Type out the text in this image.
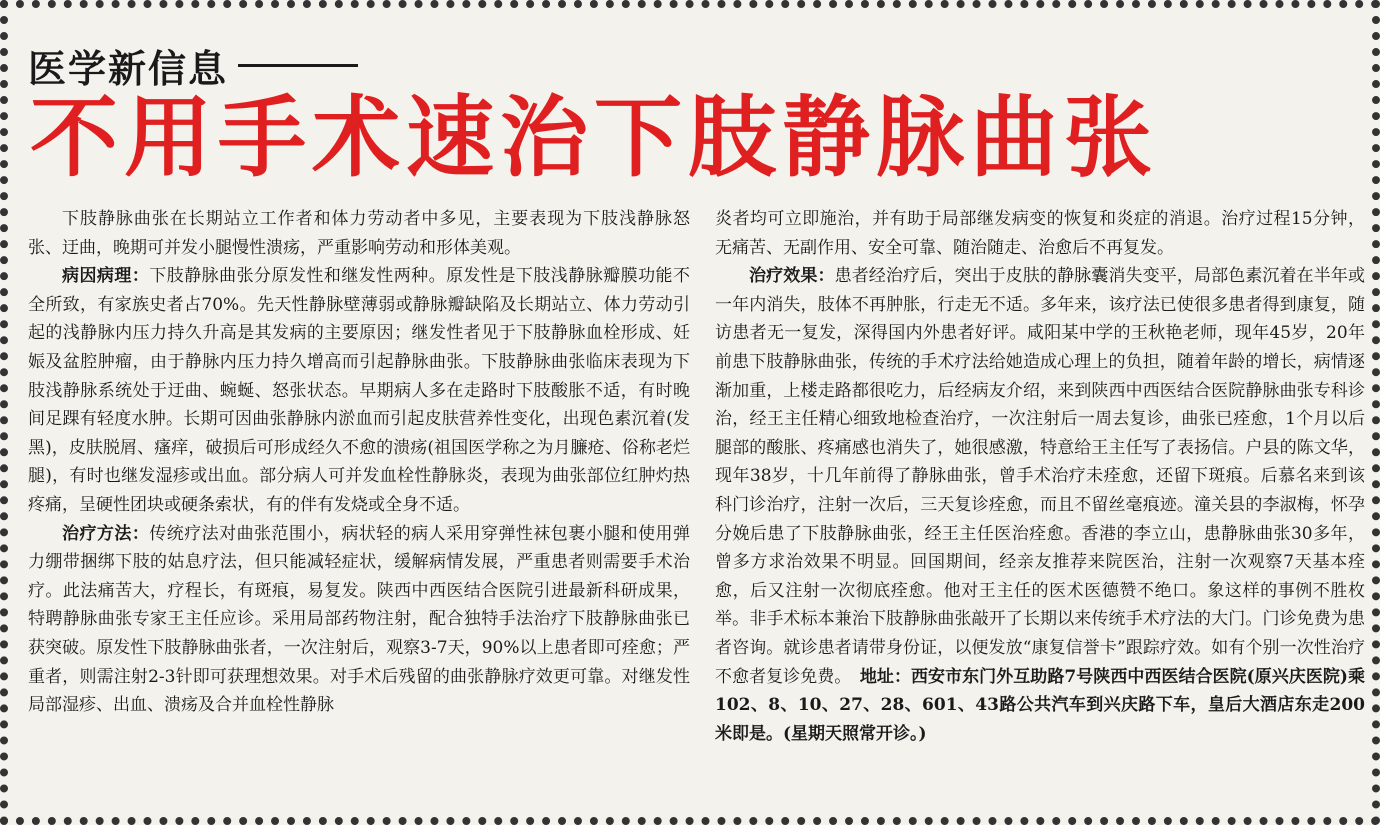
医学新信息
不用手术速治下肢静脉曲张

下肢静脉曲张在长期站立工作者和体力劳动者中多见，主要表现为下肢浅静脉怒张、迂曲，晚期可并发小腿慢性溃疡，严重影响劳动和形体美观。

病因病理：下肢静脉曲张分原发性和继发性两种。原发性是下肢浅静脉瓣膜功能不全所致，有家族史者占70%。先天性静脉壁薄弱或静脉瓣缺陷及长期站立、体力劳动引起的浅静脉内压力持久升高是其发病的主要原因；继发性者见于下肢静脉血栓形成、妊娠及盆腔肿瘤，由于静脉内压力持久增高而引起静脉曲张。下肢静脉曲张临床表现为下肢浅静脉系统处于迂曲、蜿蜒、怒张状态。早期病人多在走路时下肢酸胀不适，有时晚间足踝有轻度水肿。长期可因曲张静脉内淤血而引起皮肤营养性变化，出现色素沉着(发黑)，皮肤脱屑、瘙痒，破损后可形成经久不愈的溃疡(祖国医学称之为月臁疮、俗称老烂腿)，有时也继发湿疹或出血。部分病人可并发血栓性静脉炎，表现为曲张部位红肿灼热疼痛，呈硬性团块或硬条索状，有的伴有发烧或全身不适。

治疗方法：传统疗法对曲张范围小，病状轻的病人采用穿弹性袜包裹小腿和使用弹力绷带捆绑下肢的姑息疗法，但只能减轻症状，缓解病情发展，严重患者则需要手术治疗。此法痛苦大，疗程长，有斑痕，易复发。陕西中西医结合医院引进最新科研成果，特聘静脉曲张专家王主任应诊。采用局部药物注射，配合独特手法治疗下肢静脉曲张已获突破。原发性下肢静脉曲张者，一次注射后，观察3-7天，90%以上患者即可痊愈；严重者，则需注射2-3针即可获理想效果。对手术后残留的曲张静脉疗效更可靠。对继发性局部湿疹、出血、溃疡及合并血栓性静脉

炎者均可立即施治，并有助于局部继发病变的恢复和炎症的消退。治疗过程15分钟，无痛苦、无副作用、安全可靠、随治随走、治愈后不再复发。

治疗效果：患者经治疗后，突出于皮肤的静脉囊消失变平，局部色素沉着在半年或一年内消失，肢体不再肿胀，行走无不适。多年来，该疗法已使很多患者得到康复，随访患者无一复发，深得国内外患者好评。咸阳某中学的王秋艳老师，现年45岁，20年前患下肢静脉曲张，传统的手术疗法给她造成心理上的负担，随着年龄的增长，病情逐渐加重，上楼走路都很吃力，后经病友介绍，来到陕西中西医结合医院静脉曲张专科诊治，经王主任精心细致地检查治疗，一次注射后一周去复诊，曲张已痊愈，1个月以后腿部的酸胀、疼痛感也消失了，她很感激，特意给王主任写了表扬信。户县的陈文华，现年38岁，十几年前得了静脉曲张，曾手术治疗未痊愈，还留下斑痕。后慕名来到该科门诊治疗，注射一次后，三天复诊痊愈，而且不留丝毫痕迹。潼关县的李淑梅，怀孕分娩后患了下肢静脉曲张，经王主任医治痊愈。香港的李立山，患静脉曲张30多年，曾多方求治效果不明显。回国期间，经亲友推荐来院医治，注射一次观察7天基本痊愈，后又注射一次彻底痊愈。他对王主任的医术医德赞不绝口。象这样的事例不胜枚举。非手术标本兼治下肢静脉曲张敲开了长期以来传统手术疗法的大门。门诊免费为患者咨询。就诊患者请带身份证，以便发放“康复信誉卡”跟踪疗效。如有个别一次性治疗不愈者复诊免费。　 地址：西安市东门外互助路7号陕西中西医结合医院(原兴庆医院)乘102、8、10、27、28、601、43路公共汽车到兴庆路下车，皇后大酒店东走200米即是。(星期天照常开诊。)
